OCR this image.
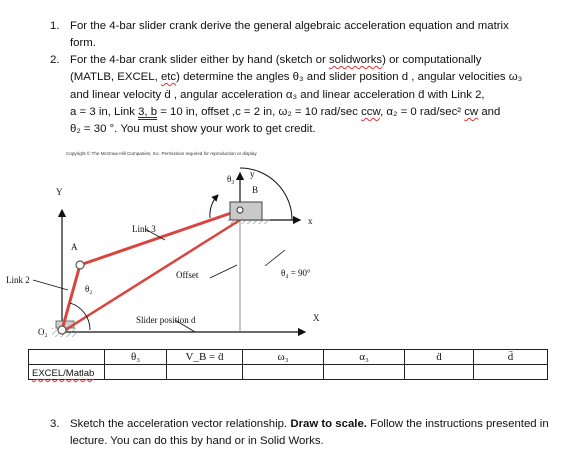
1. For the 4-bar slider crank derive the general algebraic acceleration equation and matrix
form.
2. For the 4-bar crank slider either by hand (sketch or solidworks) or computationally
(MATLB, EXCEL, etc) determine the angles θ₃ and slider position d , angular velocities ω₃
and linear velocity ḋ , angular acceleration α₃ and linear acceleration d̈ with Link 2,
a = 3 in, Link 3, b = 10 in, offset ,c = 2 in, ω₂ = 10 rad/sec ccw, α₂ = 0 rad/sec² cw and
θ₂ = 30 °. You must show your work to get credit.
Copyright © The McGraw-Hill Companies, Inc. Permission required for reproduction or display
θ₃ y
B
x
Y
Link 3
A
Offset
Link 2
θ₂
θ₄ = 90°
X
O₂
Slider position d
	θ₃	V_B = ḋ	ω₃	α₃	ḋ	d̈
EXCEL/Matlab						
3. Sketch the acceleration vector relationship. Draw to scale. Follow the instructions presented in
lecture. You can do this by hand or in Solid Works.
